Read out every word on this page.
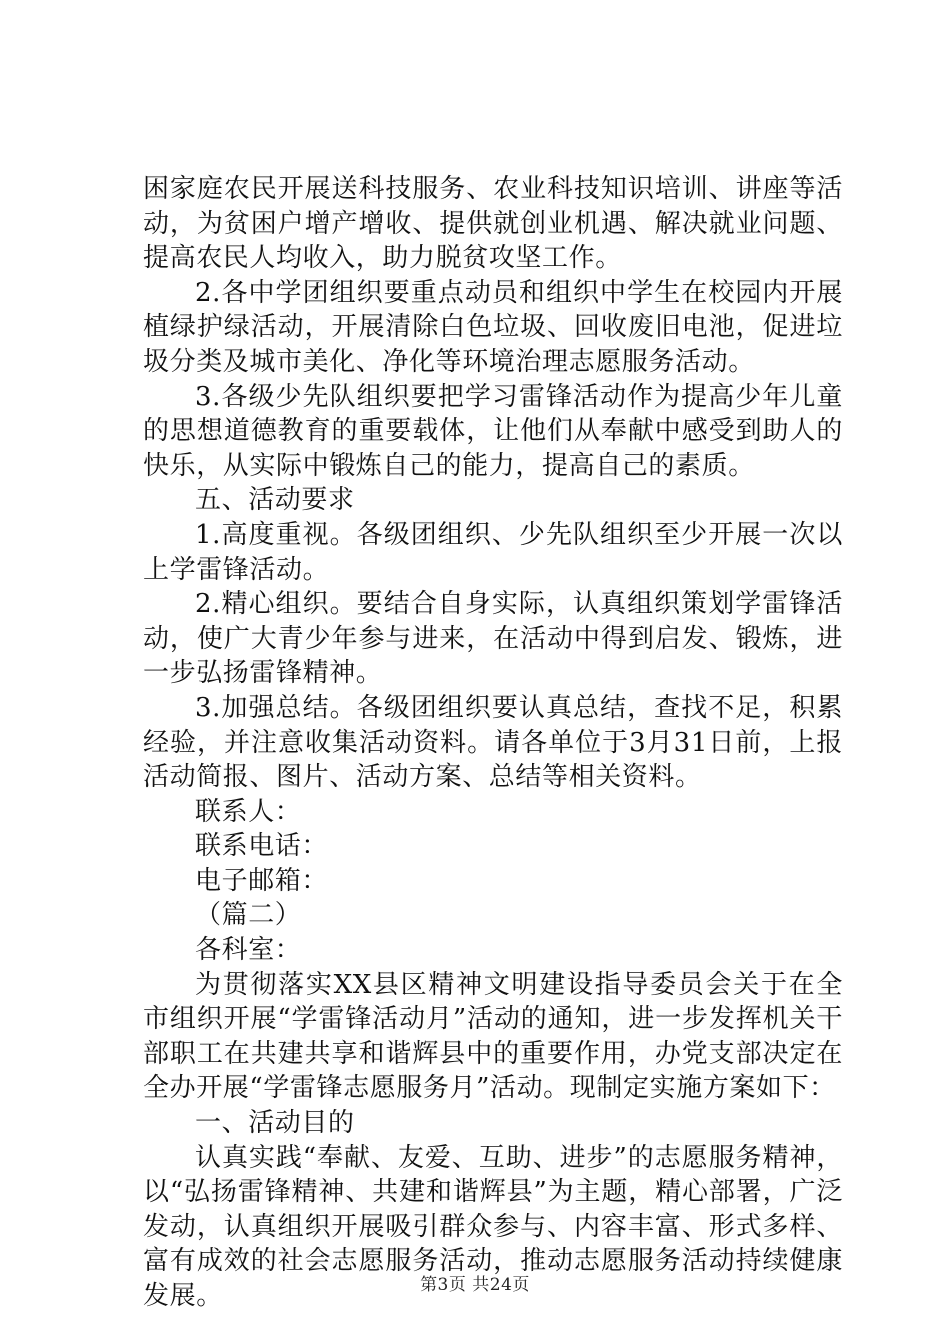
困家庭农民开展送科技服务、农业科技知识培训、讲座等活动，为贫困户增产增收、提供就创业机遇、解决就业问题、提高农民人均收入，助力脱贫攻坚工作。

2.各中学团组织要重点动员和组织中学生在校园内开展植绿护绿活动，开展清除白色垃圾、回收废旧电池，促进垃圾分类及城市美化、净化等环境治理志愿服务活动。

3.各级少先队组织要把学习雷锋活动作为提高少年儿童的思想道德教育的重要载体，让他们从奉献中感受到助人的快乐，从实际中锻炼自己的能力，提高自己的素质。

五、活动要求

1.高度重视。各级团组织、少先队组织至少开展一次以上学雷锋活动。

2.精心组织。要结合自身实际，认真组织策划学雷锋活动，使广大青少年参与进来，在活动中得到启发、锻炼，进一步弘扬雷锋精神。

3.加强总结。各级团组织要认真总结，查找不足，积累经验，并注意收集活动资料。请各单位于3月31日前，上报活动简报、图片、活动方案、总结等相关资料。

联系人：

联系电话：

电子邮箱：

（篇二）

各科室：

为贯彻落实XX县区精神文明建设指导委员会关于在全市组织开展“学雷锋活动月”活动的通知，进一步发挥机关干部职工在共建共享和谐辉县中的重要作用，办党支部决定在全办开展“学雷锋志愿服务月”活动。现制定实施方案如下：

一、活动目的

认真实践“奉献、友爱、互助、进步”的志愿服务精神，以“弘扬雷锋精神、共建和谐辉县”为主题，精心部署，广泛发动，认真组织开展吸引群众参与、内容丰富、形式多样、富有成效的社会志愿服务活动，推动志愿服务活动持续健康发展。	第3页 共24页
